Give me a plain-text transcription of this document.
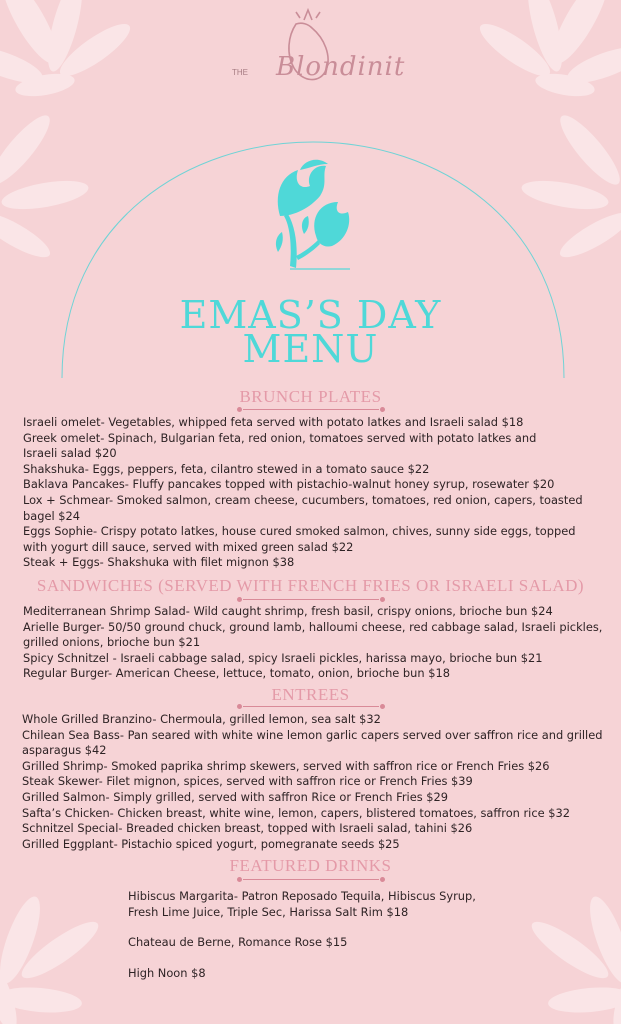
THE Blondinit
EMAS’S DAY
MENU
BRUNCH PLATES
Israeli omelet- Vegetables, whipped feta served with potato latkes and Israeli salad $18
Greek omelet- Spinach, Bulgarian feta, red onion, tomatoes served with potato latkes and Israeli salad $20
Shakshuka- Eggs, peppers, feta, cilantro stewed in a tomato sauce $22
Baklava Pancakes- Fluffy pancakes topped with pistachio-walnut honey syrup, rosewater $20
Lox + Schmear- Smoked salmon, cream cheese, cucumbers, tomatoes, red onion, capers, toasted bagel $24
Eggs Sophie- Crispy potato latkes, house cured smoked salmon, chives, sunny side eggs, topped with yogurt dill sauce, served with mixed green salad $22
Steak + Eggs- Shakshuka with filet mignon $38
SANDWICHES (SERVED WITH FRENCH FRIES OR ISRAELI SALAD)
Mediterranean Shrimp Salad- Wild caught shrimp, fresh basil, crispy onions, brioche bun $24
Arielle Burger- 50/50 ground chuck, ground lamb, halloumi cheese, red cabbage salad, Israeli pickles, grilled onions, brioche bun $21
Spicy Schnitzel - Israeli cabbage salad, spicy Israeli pickles, harissa mayo, brioche bun $21
Regular Burger- American Cheese, lettuce, tomato, onion, brioche bun $18
ENTREES
Whole Grilled Branzino- Chermoula, grilled lemon, sea salt $32
Chilean Sea Bass- Pan seared with white wine lemon garlic capers served over saffron rice and grilled asparagus $42
Grilled Shrimp- Smoked paprika shrimp skewers, served with saffron rice or French Fries $26
Steak Skewer- Filet mignon, spices, served with saffron rice or French Fries $39
Grilled Salmon- Simply grilled, served with saffron Rice or French Fries $29
Safta’s Chicken- Chicken breast, white wine, lemon, capers, blistered tomatoes, saffron rice $32
Schnitzel Special- Breaded chicken breast, topped with Israeli salad, tahini $26
Grilled Eggplant- Pistachio spiced yogurt, pomegranate seeds $25
FEATURED DRINKS
Hibiscus Margarita- Patron Reposado Tequila, Hibiscus Syrup, Fresh Lime Juice, Triple Sec, Harissa Salt Rim $18
Chateau de Berne, Romance Rose $15
High Noon $8
